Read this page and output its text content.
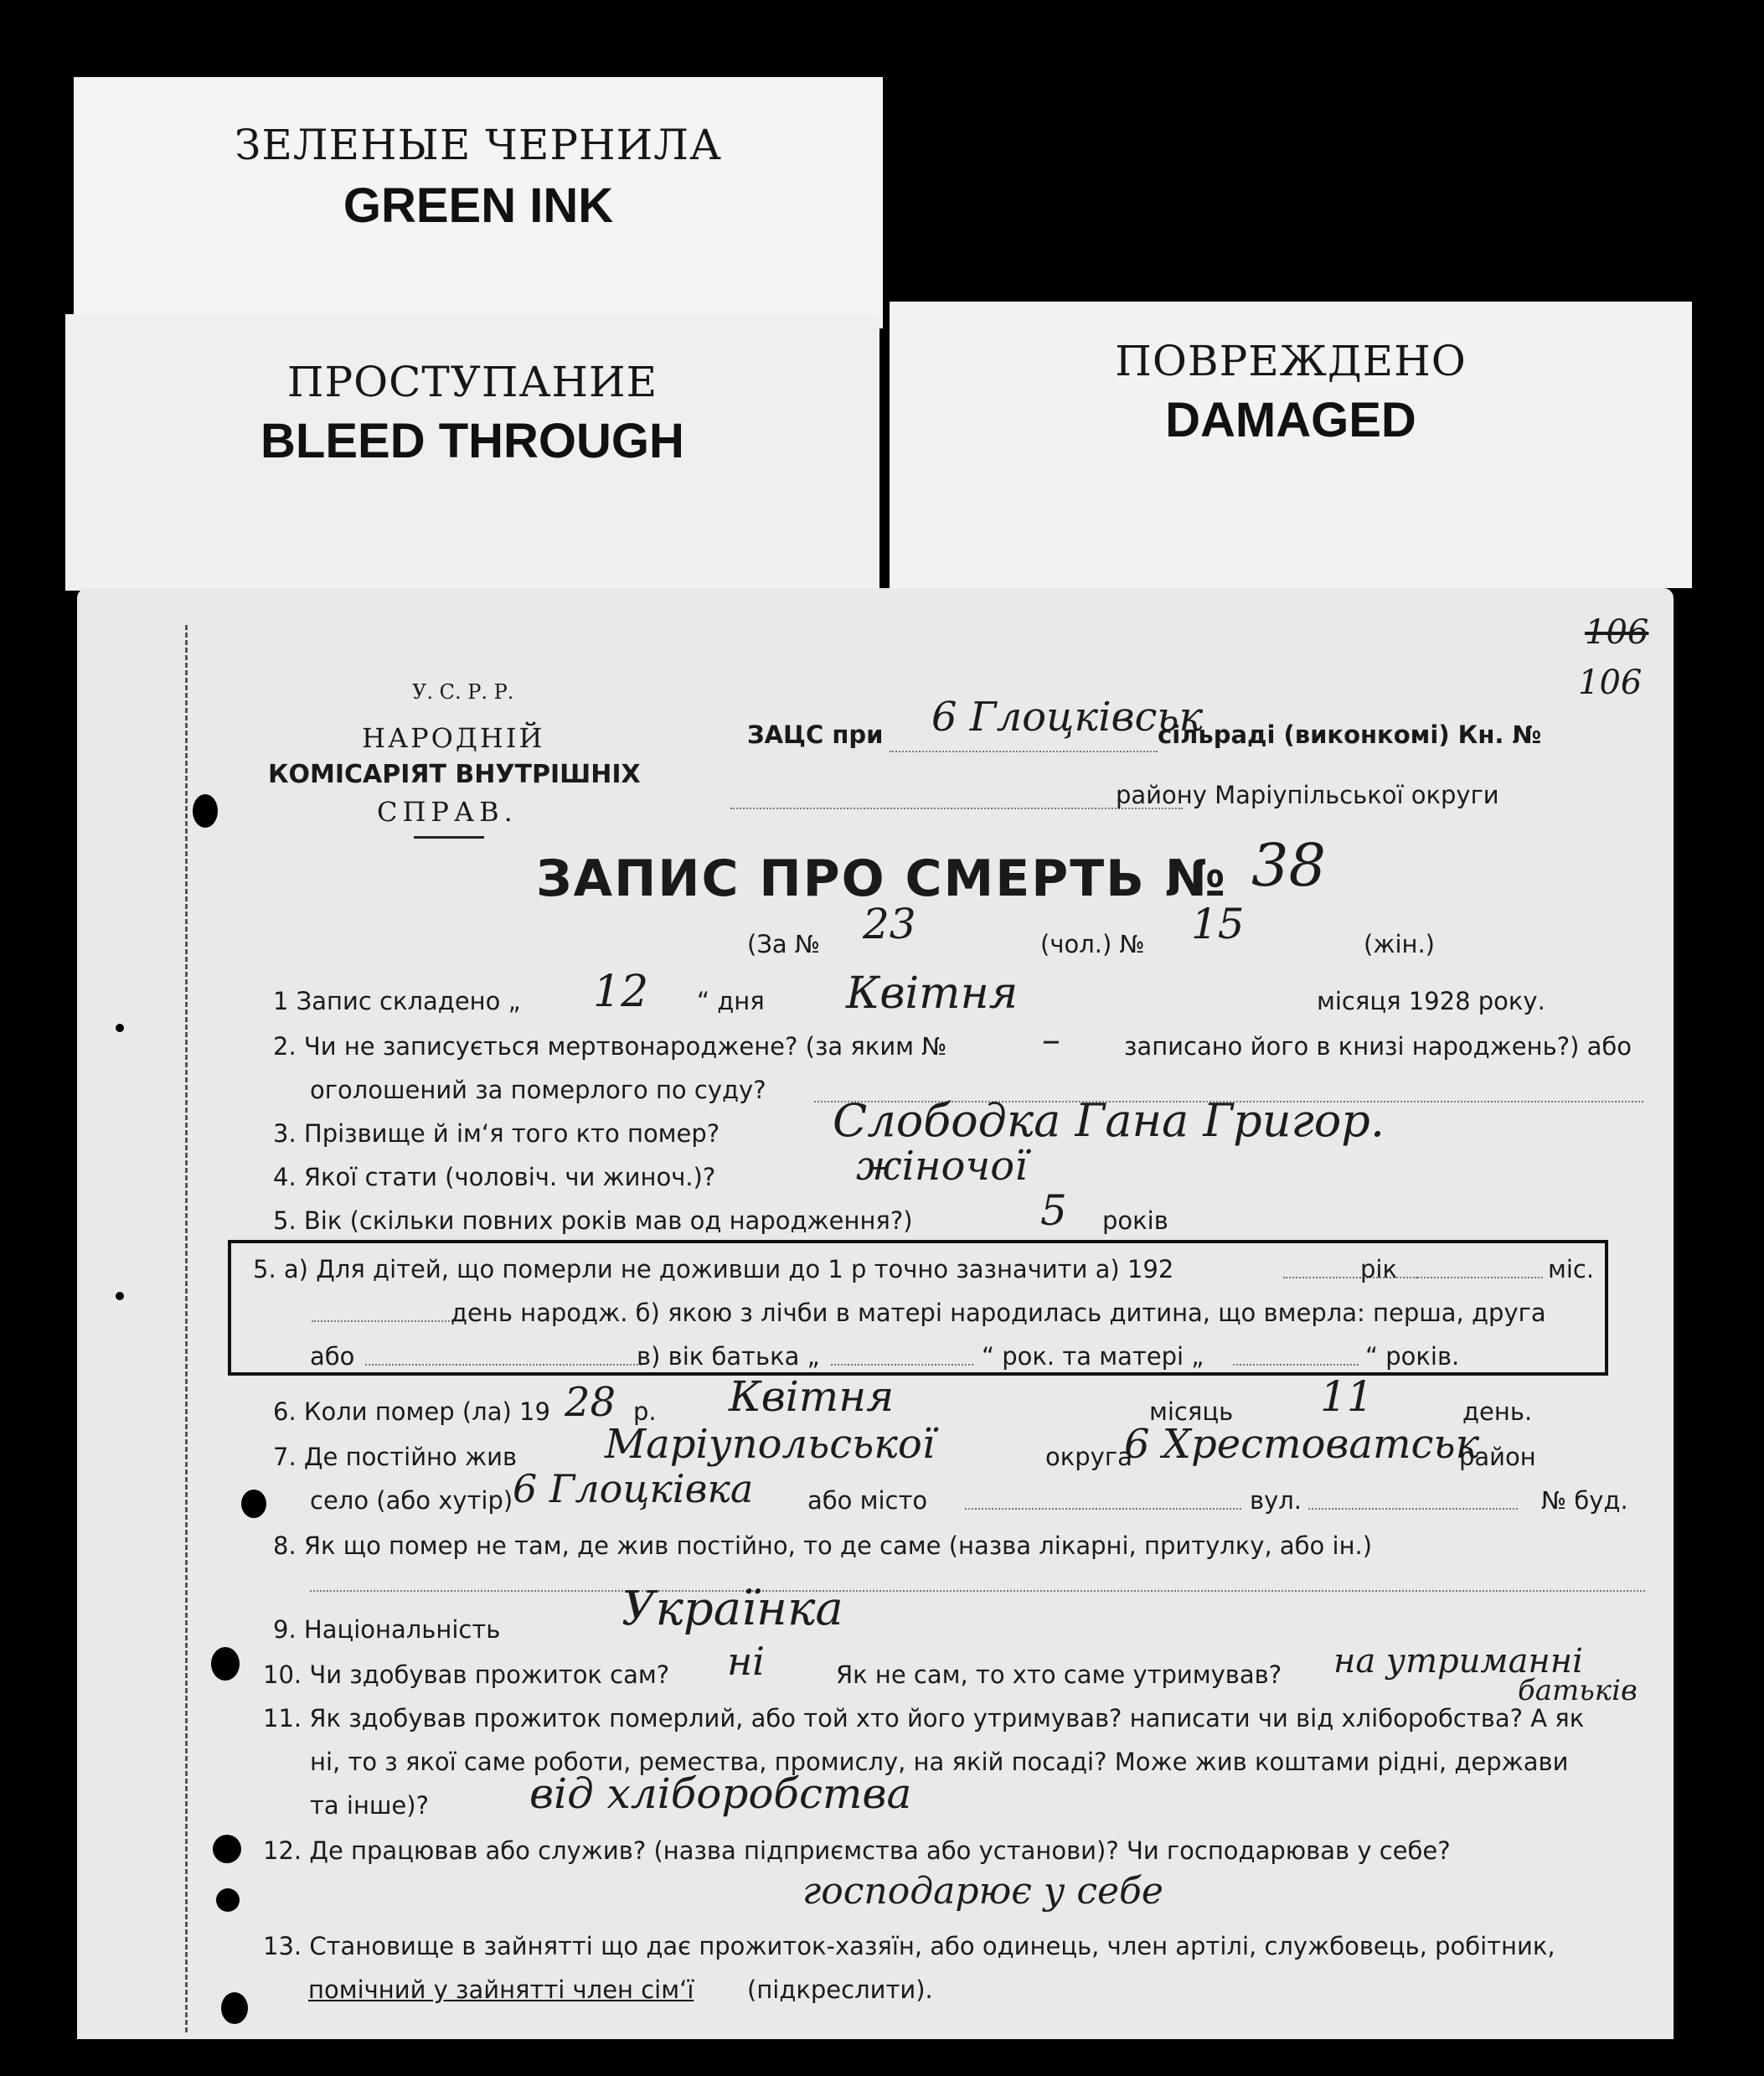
ЗЕЛЕНЫЕ ЧЕРНИЛА
GREEN INK
ПРОСТУПАНИЕ
BLEED THROUGH
ПОВРЕЖДЕНО
DAMAGED
106
106
У. С. Р. Р.
НАРОДНІЙ
КОМІСАРІЯТ ВНУТРІШНІХ
СПРАВ.
ЗАЦС при 6 Глоцківськ
сільраді (виконкомі) Кн. №
району Маріупільської округи
ЗАПИС ПРО СМЕРТЬ № 38
(За № 23	(чол.) № 15	(жін.)
1 Запис складено „ 12 “ дня Квітня	місяця 1928 року.
2. Чи не записується мертвонароджене? (за яким №	–	записано його в книзі народжень?) або
оголошений за померлого по суду?
3. Прізвище й ім‘я того кто помер? Слободка Гана Григор.
4. Якої стати (чоловіч. чи жиноч.)?	жіночої
5. Вік (скільки повних років мав од народження?)	5 років
5. а) Для дітей, що померли не доживши до 1 р точно зазначити а) 192	рік	міс.
день народж. б) якою з лічби в матері народилась дитина, що вмерла: перша, друга
або	в) вік батька „	“ рок. та матері „	“ років.
6. Коли помер (ла) 19 28 р. Квітня	місяць 11	день.
7. Де постійно жив Маріупольської	округа
6 Хрестоватськ
район
село (або хутір) 6 Глоцківка або місто	вул.	№ буд.
8. Як що помер не там, де жив постійно, то де саме (назва лікарні, притулку, або ін.)
9. Національність	Українка
10. Чи здобував прожиток сам? ні	Як не сам, то хто саме утримував? на утриманні
батьків
11. Як здобував прожиток померлий, або той хто його утримував? написати чи від хліборобства? А як
ні, то з якої саме роботи, ремества, промислу, на якій посаді? Може жив коштами рідні, держави
та інше)? від хліборобства
12. Де працював або служив? (назва підприємства або установи)? Чи господарював у себе?
господарює у себе
13. Становище в зайнятті що дає прожиток-хазяїн, або одинець, член артілі, службовець, робітник,
помічний у зайнятті член сім‘ї (підкреслити).
